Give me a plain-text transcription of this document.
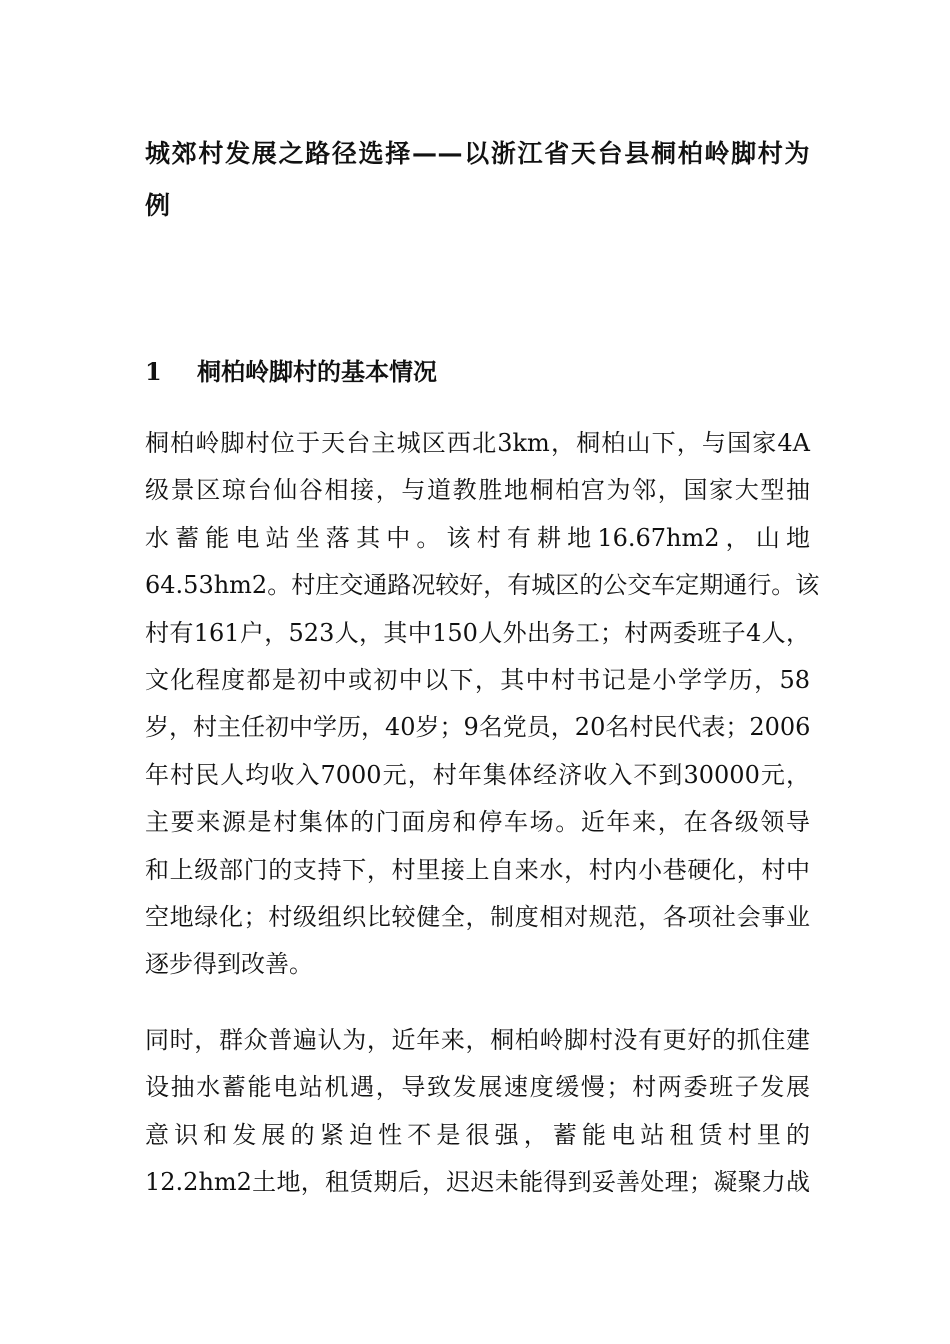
城郊村发展之路径选择——以浙江省天台县桐柏岭脚村为
例
1 桐柏岭脚村的基本情况

桐柏岭脚村位于天台主城区西北3km，桐柏山下，与国家4A
级景区琼台仙谷相接，与道教胜地桐柏宫为邻，国家大型抽
水蓄能电站坐落其中。该村有耕地16.67hm2，山地
64.53hm2。村庄交通路况较好，有城区的公交车定期通行。该
村有161户，523人，其中150人外出务工；村两委班子4人，
文化程度都是初中或初中以下，其中村书记是小学学历，58
岁，村主任初中学历，40岁；9名党员，20名村民代表；2006
年村民人均收入7000元，村年集体经济收入不到30000元，
主要来源是村集体的门面房和停车场。近年来，在各级领导
和上级部门的支持下，村里接上自来水，村内小巷硬化，村中
空地绿化；村级组织比较健全，制度相对规范，各项社会事业
逐步得到改善。

同时，群众普遍认为，近年来，桐柏岭脚村没有更好的抓住建
设抽水蓄能电站机遇，导致发展速度缓慢；村两委班子发展
意识和发展的紧迫性不是很强，蓄能电站租赁村里的
12.2hm2土地，租赁期后，迟迟未能得到妥善处理；凝聚力战
